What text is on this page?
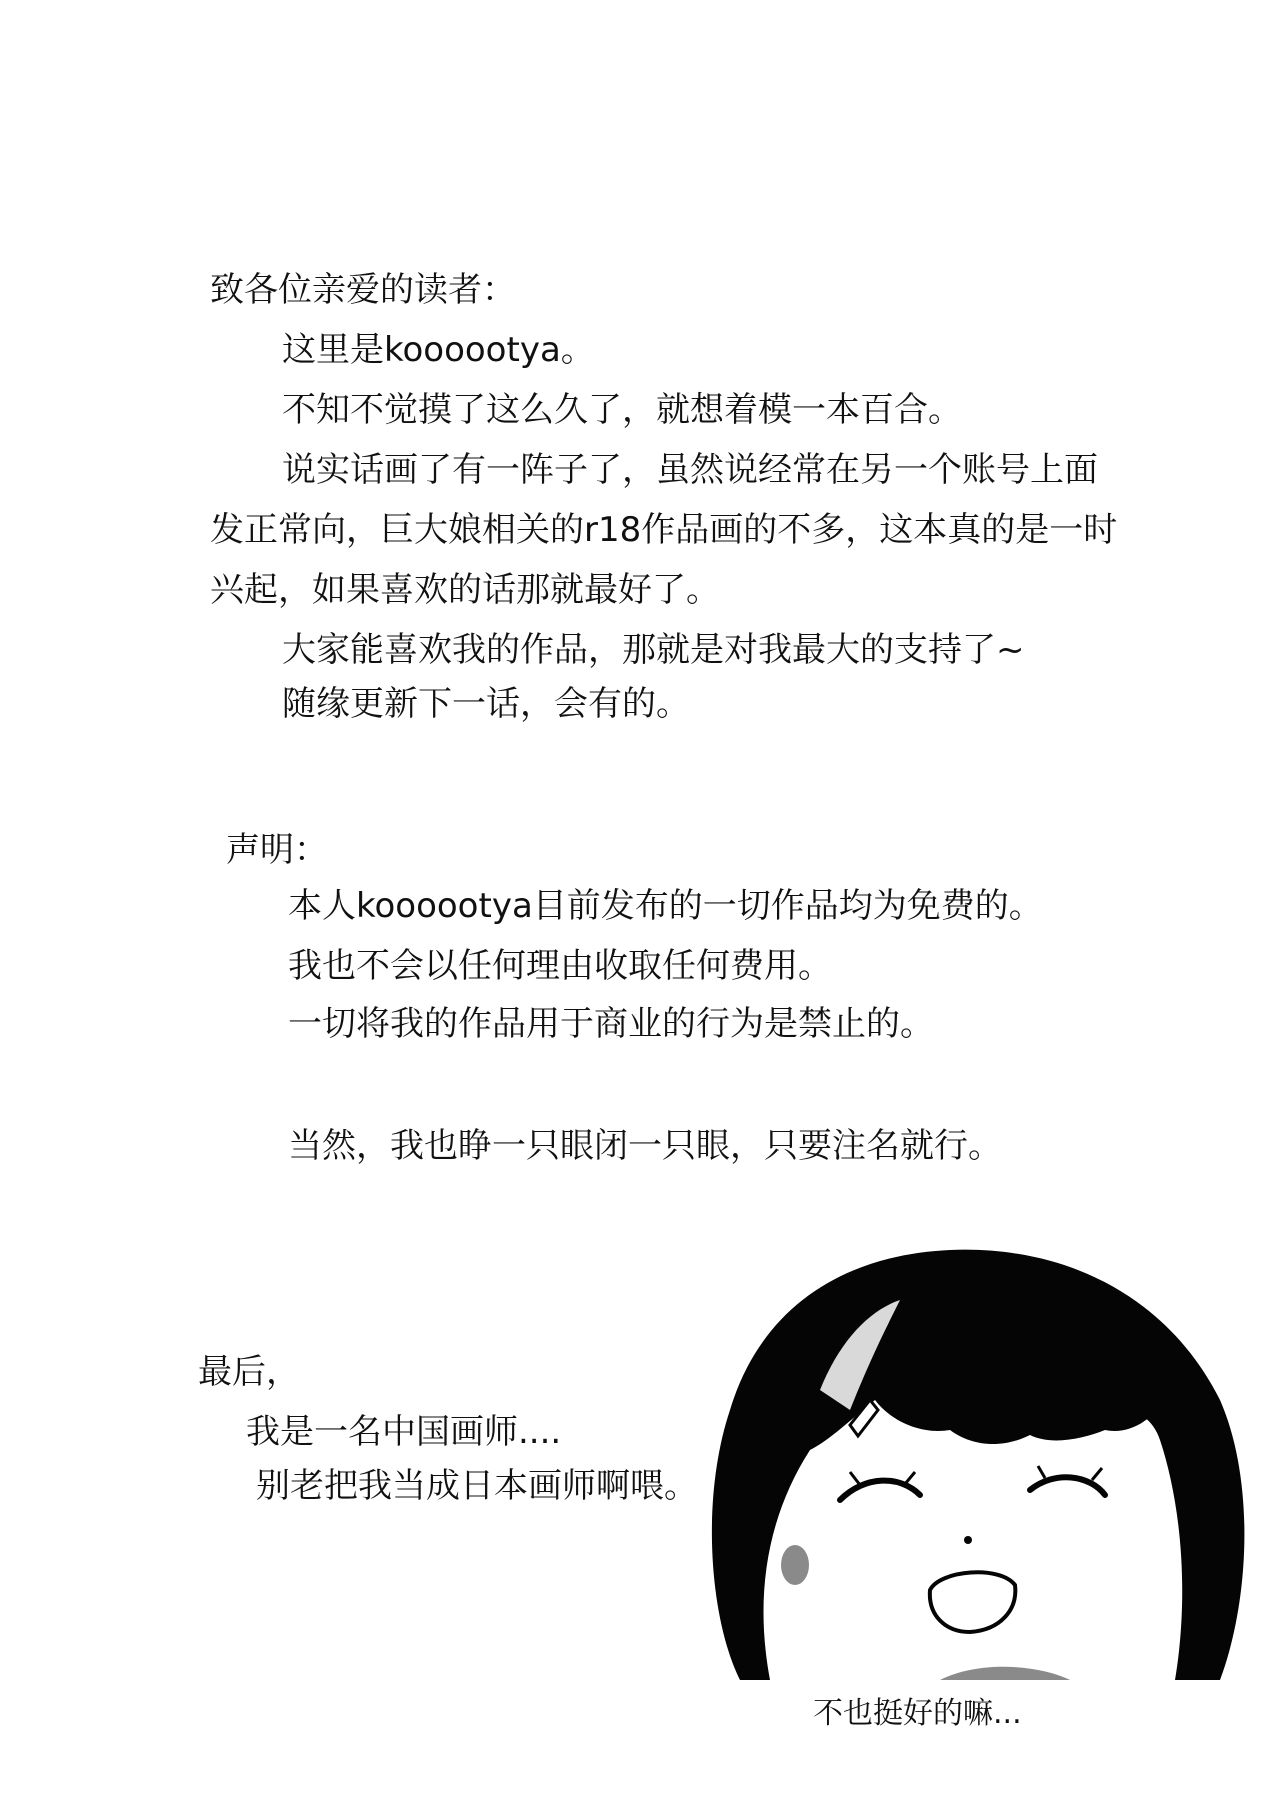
致各位亲爱的读者：
这里是koooootya。
不知不觉摸了这么久了，就想着模一本百合。
说实话画了有一阵子了，虽然说经常在另一个账号上面
发正常向，巨大娘相关的r18作品画的不多，这本真的是一时
兴起，如果喜欢的话那就最好了。
大家能喜欢我的作品，那就是对我最大的支持了~
随缘更新下一话，会有的。
声明：
本人koooootya目前发布的一切作品均为免费的。
我也不会以任何理由收取任何费用。
一切将我的作品用于商业的行为是禁止的。
当然，我也睁一只眼闭一只眼，只要注名就行。
最后，
我是一名中国画师....
别老把我当成日本画师啊喂。
不也挺好的嘛...
